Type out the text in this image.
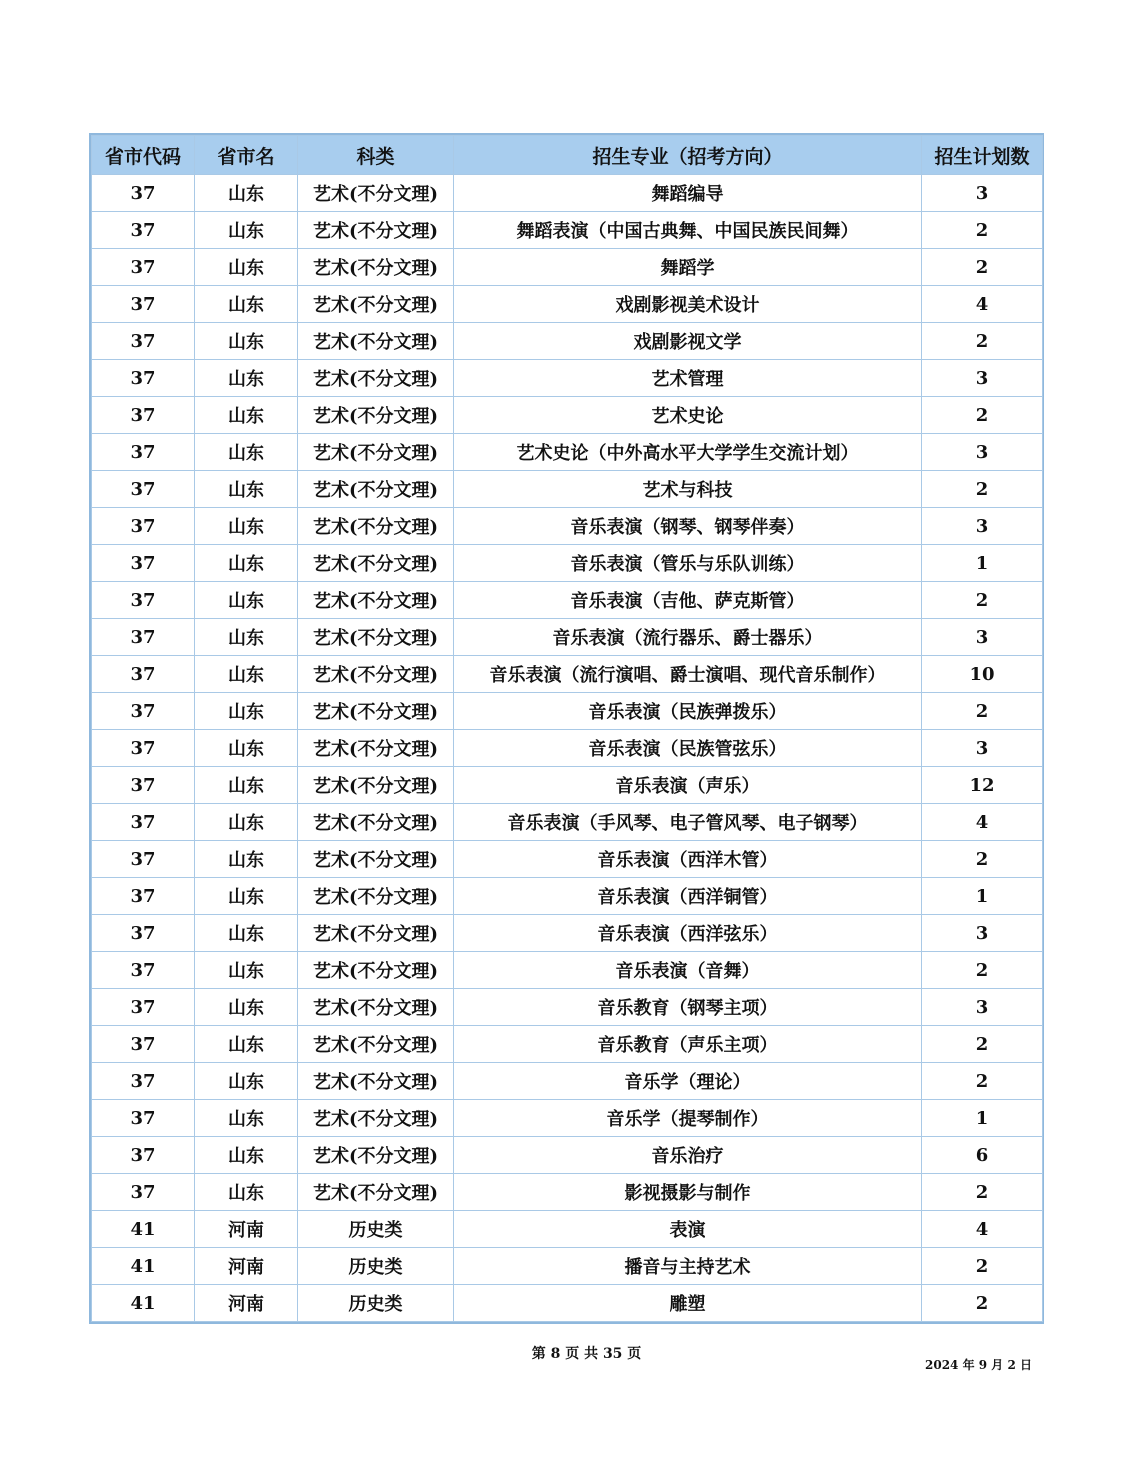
省市代码	省市名	科类	招生专业（招考方向）	招生计划数
37	山东	艺术(不分文理)	舞蹈编导	3
37	山东	艺术(不分文理)	舞蹈表演（中国古典舞、中国民族民间舞）	2
37	山东	艺术(不分文理)	舞蹈学	2
37	山东	艺术(不分文理)	戏剧影视美术设计	4
37	山东	艺术(不分文理)	戏剧影视文学	2
37	山东	艺术(不分文理)	艺术管理	3
37	山东	艺术(不分文理)	艺术史论	2
37	山东	艺术(不分文理)	艺术史论（中外高水平大学学生交流计划）	3
37	山东	艺术(不分文理)	艺术与科技	2
37	山东	艺术(不分文理)	音乐表演（钢琴、钢琴伴奏）	3
37	山东	艺术(不分文理)	音乐表演（管乐与乐队训练）	1
37	山东	艺术(不分文理)	音乐表演（吉他、萨克斯管）	2
37	山东	艺术(不分文理)	音乐表演（流行器乐、爵士器乐）	3
37	山东	艺术(不分文理)	音乐表演（流行演唱、爵士演唱、现代音乐制作）	10
37	山东	艺术(不分文理)	音乐表演（民族弹拨乐）	2
37	山东	艺术(不分文理)	音乐表演（民族管弦乐）	3
37	山东	艺术(不分文理)	音乐表演（声乐）	12
37	山东	艺术(不分文理)	音乐表演（手风琴、电子管风琴、电子钢琴）	4
37	山东	艺术(不分文理)	音乐表演（西洋木管）	2
37	山东	艺术(不分文理)	音乐表演（西洋铜管）	1
37	山东	艺术(不分文理)	音乐表演（西洋弦乐）	3
37	山东	艺术(不分文理)	音乐表演（音舞）	2
37	山东	艺术(不分文理)	音乐教育（钢琴主项）	3
37	山东	艺术(不分文理)	音乐教育（声乐主项）	2
37	山东	艺术(不分文理)	音乐学（理论）	2
37	山东	艺术(不分文理)	音乐学（提琴制作）	1
37	山东	艺术(不分文理)	音乐治疗	6
37	山东	艺术(不分文理)	影视摄影与制作	2
41	河南	历史类	表演	4
41	河南	历史类	播音与主持艺术	2
41	河南	历史类	雕塑	2
第 8 页 共 35 页
2024 年 9 月 2 日
